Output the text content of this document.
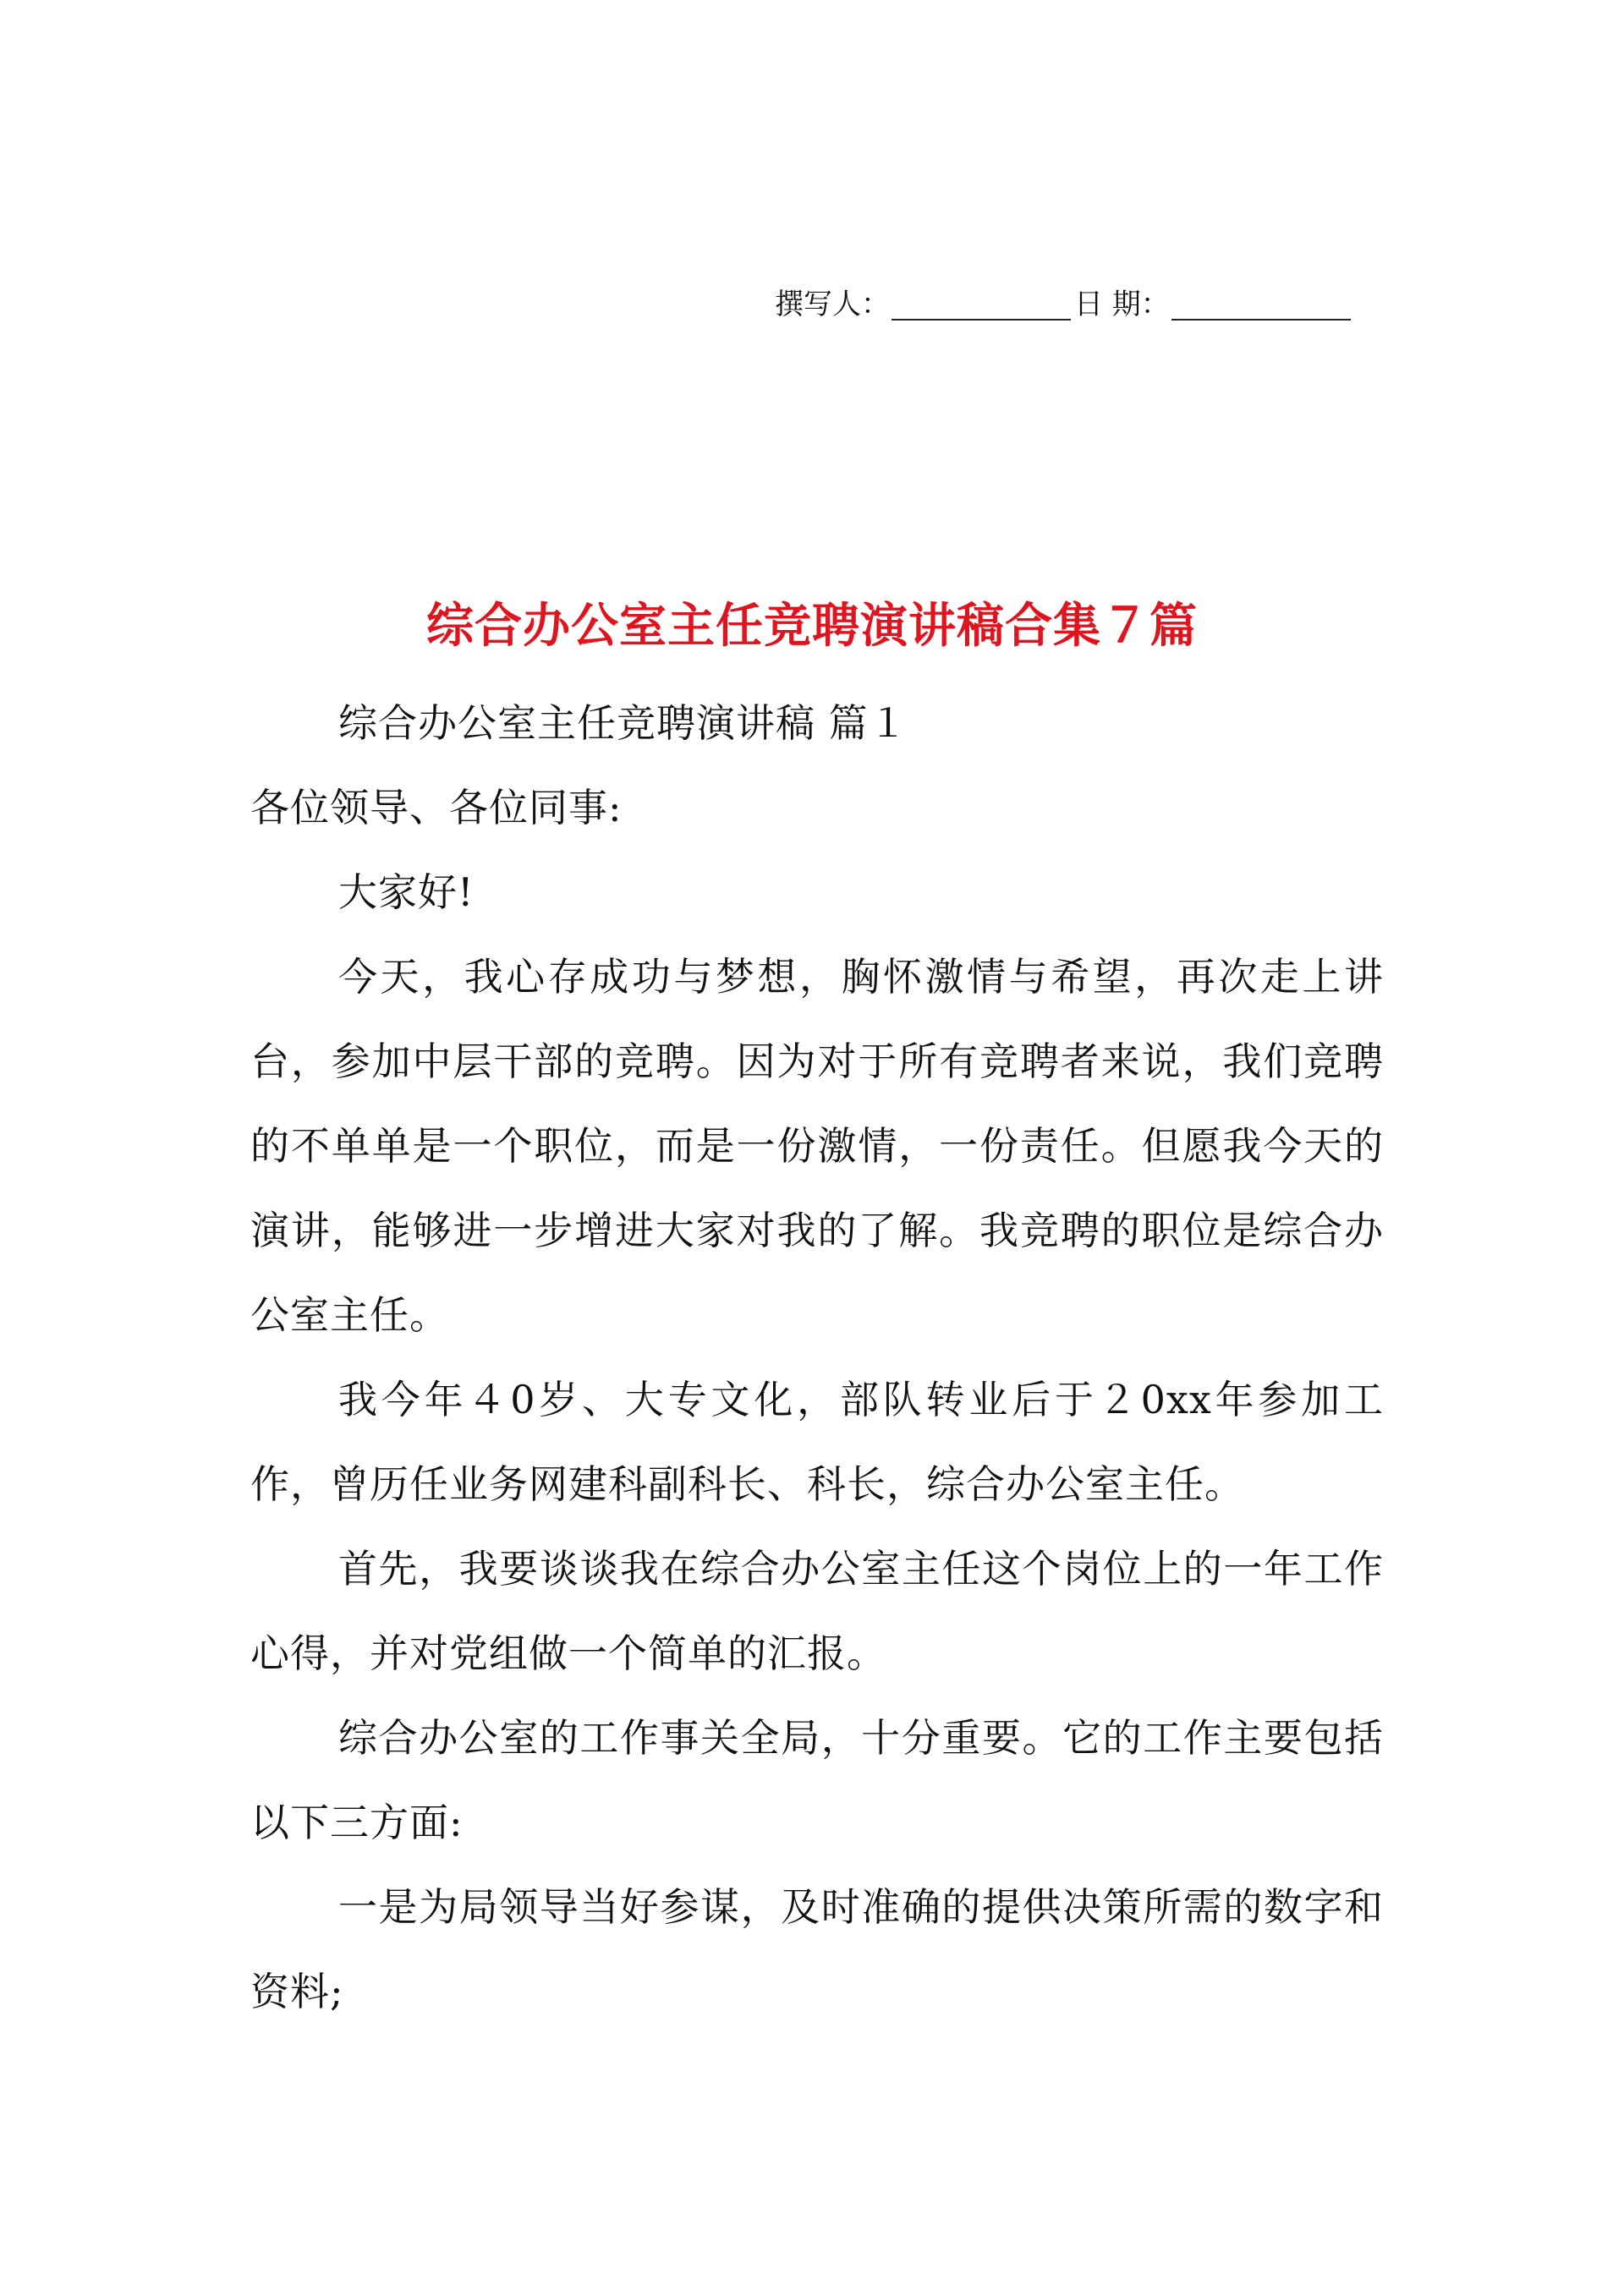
撰写人：	日 期：
综合办公室主任竞聘演讲稿合集７篇

综合办公室主任竞聘演讲稿 篇１

各位领导、各位同事:

大家好!

今天，我心存成功与梦想，胸怀激情与希望，再次走上讲台，参加中层干部的竞聘。因为对于所有竞聘者来说，我们竞聘的不单单是一个职位，而是一份激情，一份责任。但愿我今天的演讲，能够进一步增进大家对我的了解。我竞聘的职位是综合办公室主任。

我今年４0岁、大专文化，部队转业后于２0xx年参加工作，曾历任业务网建科副科长、科长，综合办公室主任。

首先，我要谈谈我在综合办公室主任这个岗位上的一年工作心得，并对党组做一个简单的汇报。

综合办公室的工作事关全局，十分重要。它的工作主要包括以下三方面:

一是为局领导当好参谋，及时准确的提供决策所需的数字和资料;
